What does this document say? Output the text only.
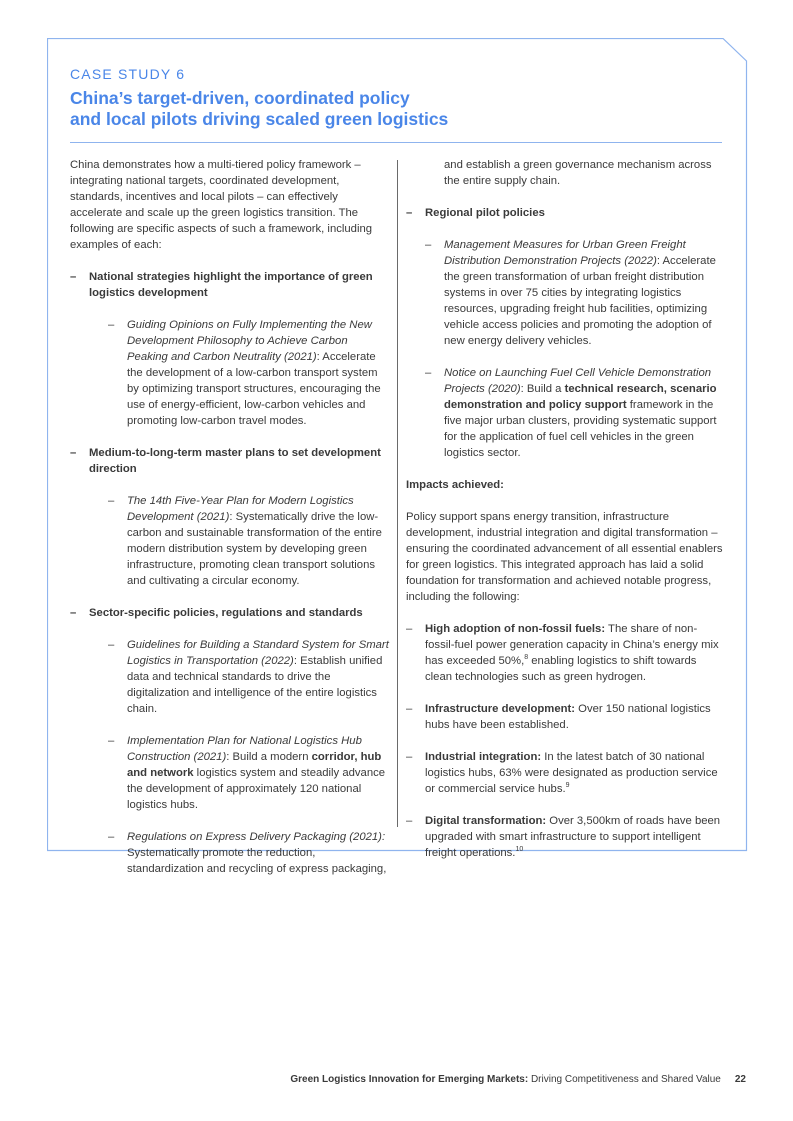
CASE STUDY 6
China’s target-driven, coordinated policy
and local pilots driving scaled green logistics

China demonstrates how a multi-tiered policy framework – integrating national targets, coordinated development, standards, incentives and local pilots – can effectively accelerate and scale up the green logistics transition. The following are specific aspects of such a framework, including examples of each:

– National strategies highlight the importance of green logistics development
– Guiding Opinions on Fully Implementing the New Development Philosophy to Achieve Carbon Peaking and Carbon Neutrality (2021): Accelerate the development of a low-carbon transport system by optimizing transport structures, encouraging the use of energy-efficient, low-carbon vehicles and promoting low-carbon travel modes.
– Medium-to-long-term master plans to set development direction
– The 14th Five-Year Plan for Modern Logistics Development (2021): Systematically drive the low-carbon and sustainable transformation of the entire modern distribution system by developing green infrastructure, promoting clean transport solutions and cultivating a circular economy.
– Sector-specific policies, regulations and standards
– Guidelines for Building a Standard System for Smart Logistics in Transportation (2022): Establish unified data and technical standards to drive the digitalization and intelligence of the entire logistics chain.
– Implementation Plan for National Logistics Hub Construction (2021): Build a modern corridor, hub and network logistics system and steadily advance the development of approximately 120 national logistics hubs.
– Regulations on Express Delivery Packaging (2021): Systematically promote the reduction, standardization and recycling of express packaging,
and establish a green governance mechanism across the entire supply chain.
– Regional pilot policies
– Management Measures for Urban Green Freight Distribution Demonstration Projects (2022): Accelerate the green transformation of urban freight distribution systems in over 75 cities by integrating logistics resources, upgrading freight hub facilities, optimizing vehicle access policies and promoting the adoption of new energy delivery vehicles.
– Notice on Launching Fuel Cell Vehicle Demonstration Projects (2020): Build a technical research, scenario demonstration and policy support framework in the five major urban clusters, providing systematic support for the application of fuel cell vehicles in the green logistics sector.
Impacts achieved:

Policy support spans energy transition, infrastructure development, industrial integration and digital transformation – ensuring the coordinated advancement of all essential enablers for green logistics. This integrated approach has laid a solid foundation for transformation and achieved notable progress, including the following:

– High adoption of non-fossil fuels: The share of non-fossil-fuel power generation capacity in China’s energy mix has exceeded 50%,$^8$ enabling logistics to shift towards clean technologies such as green hydrogen.
– Infrastructure development: Over 150 national logistics hubs have been established.
– Industrial integration: In the latest batch of 30 national logistics hubs, 63% were designated as production service or commercial service hubs.$^9$
– Digital transformation: Over 3,500km of roads have been upgraded with smart infrastructure to support intelligent freight operations.$^{10}$
Green Logistics Innovation for Emerging Markets: Driving Competitiveness and Shared Value 22
